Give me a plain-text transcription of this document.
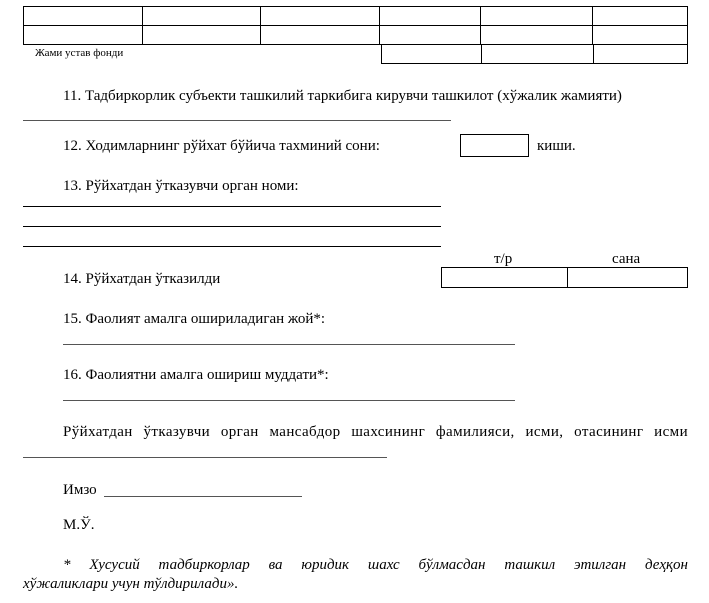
Жами устав фонди

11. Тадбиркорлик субъекти ташкилий таркибига кирувчи ташкилот (хўжалик жамияти)
12. Ходимларнинг рўйхат бўйича тахминий сони:	киши.
13. Рўйхатдан ўтказувчи орган номи:
т/р	сана
14. Рўйхатдан ўтказилди

15. Фаолият амалга ошириладиган жой*:
16. Фаолиятни амалга ошириш муддати*:
Рўйхатдан ўтказувчи орган мансабдор шахсининг фамилияси, исми, отасининг исми
Имзо
М.Ў.
* Хусусий тадбиркорлар ва юридик шахс бўлмасдан ташкил этилган деҳқон
хўжаликлари учун тўлдирилади».
